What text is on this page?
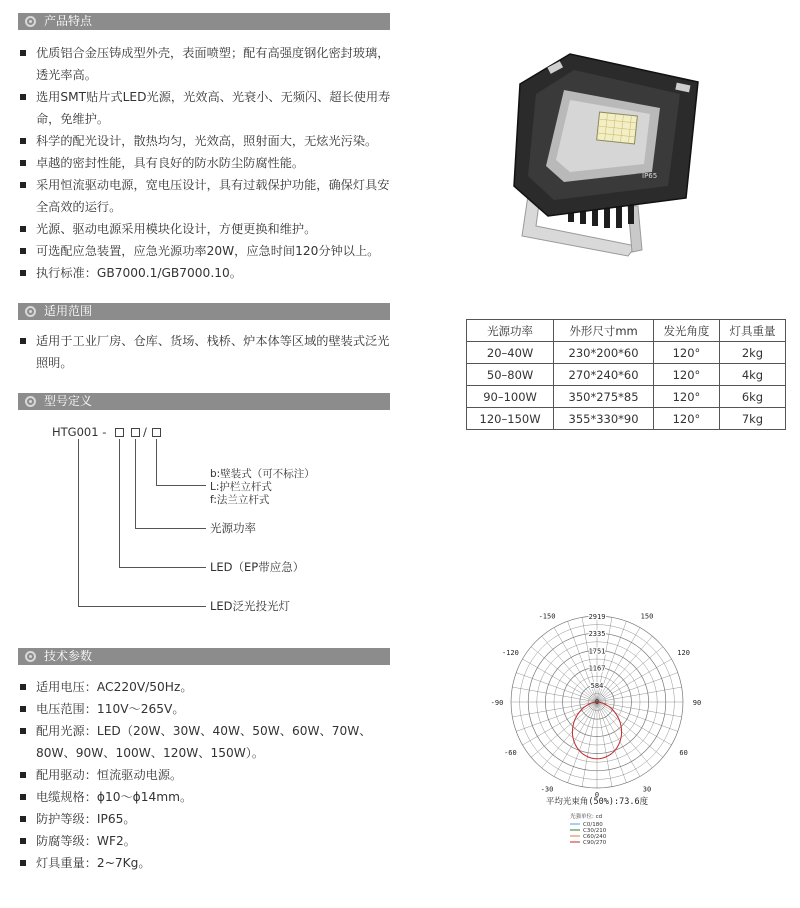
产品特点
优质铝合金压铸成型外壳，表面喷塑；配有高强度钢化密封玻璃，透光率高。
选用SMT贴片式LED光源，光效高、光衰小、无频闪、超长使用寿命，免维护。
科学的配光设计，散热均匀，光效高，照射面大，无炫光污染。
卓越的密封性能，具有良好的防水防尘防腐性能。
采用恒流驱动电源，宽电压设计，具有过载保护功能，确保灯具安全高效的运行。
光源、驱动电源采用模块化设计，方便更换和维护。
可选配应急装置，应急光源功率20W，应急时间120分钟以上。
执行标准：GB7000.1/GB7000.10。
IP65
适用范围
适用于工业厂房、仓库、货场、栈桥、炉本体等区域的壁装式泛光照明。
光源功率	外形尺寸mm	发光角度	灯具重量
20–40W	230*200*60	120°	2kg
50–80W	270*240*60	120°	4kg
90–100W	350*275*85	120°	6kg
120–150W	355*330*90	120°	7kg
型号定义
HTG001 -	/
b:壁装式（可不标注）
L:护栏立杆式
f:法兰立杆式
光源功率
LED（EP带应急）
LED泛光投光灯
技术参数
适用电压：AC220V/50Hz。
电压范围：110V～265V。
配用光源：LED（20W、30W、40W、50W、60W、70W、80W、90W、100W、120W、150W）。
配用驱动：恒流驱动电源。
电缆规格：ϕ10～ϕ14mm。
防护等级：IP65。
防腐等级：WF2。
灯具重量：2~7Kg。
584
1167
1751
2335
2919
-150	150
-120	120
-90	90
-60	60
-30	30
0
0
平均光束角(50%):73.6度
光强单位: cd
C0/180
C30/210
C60/240
C90/270
